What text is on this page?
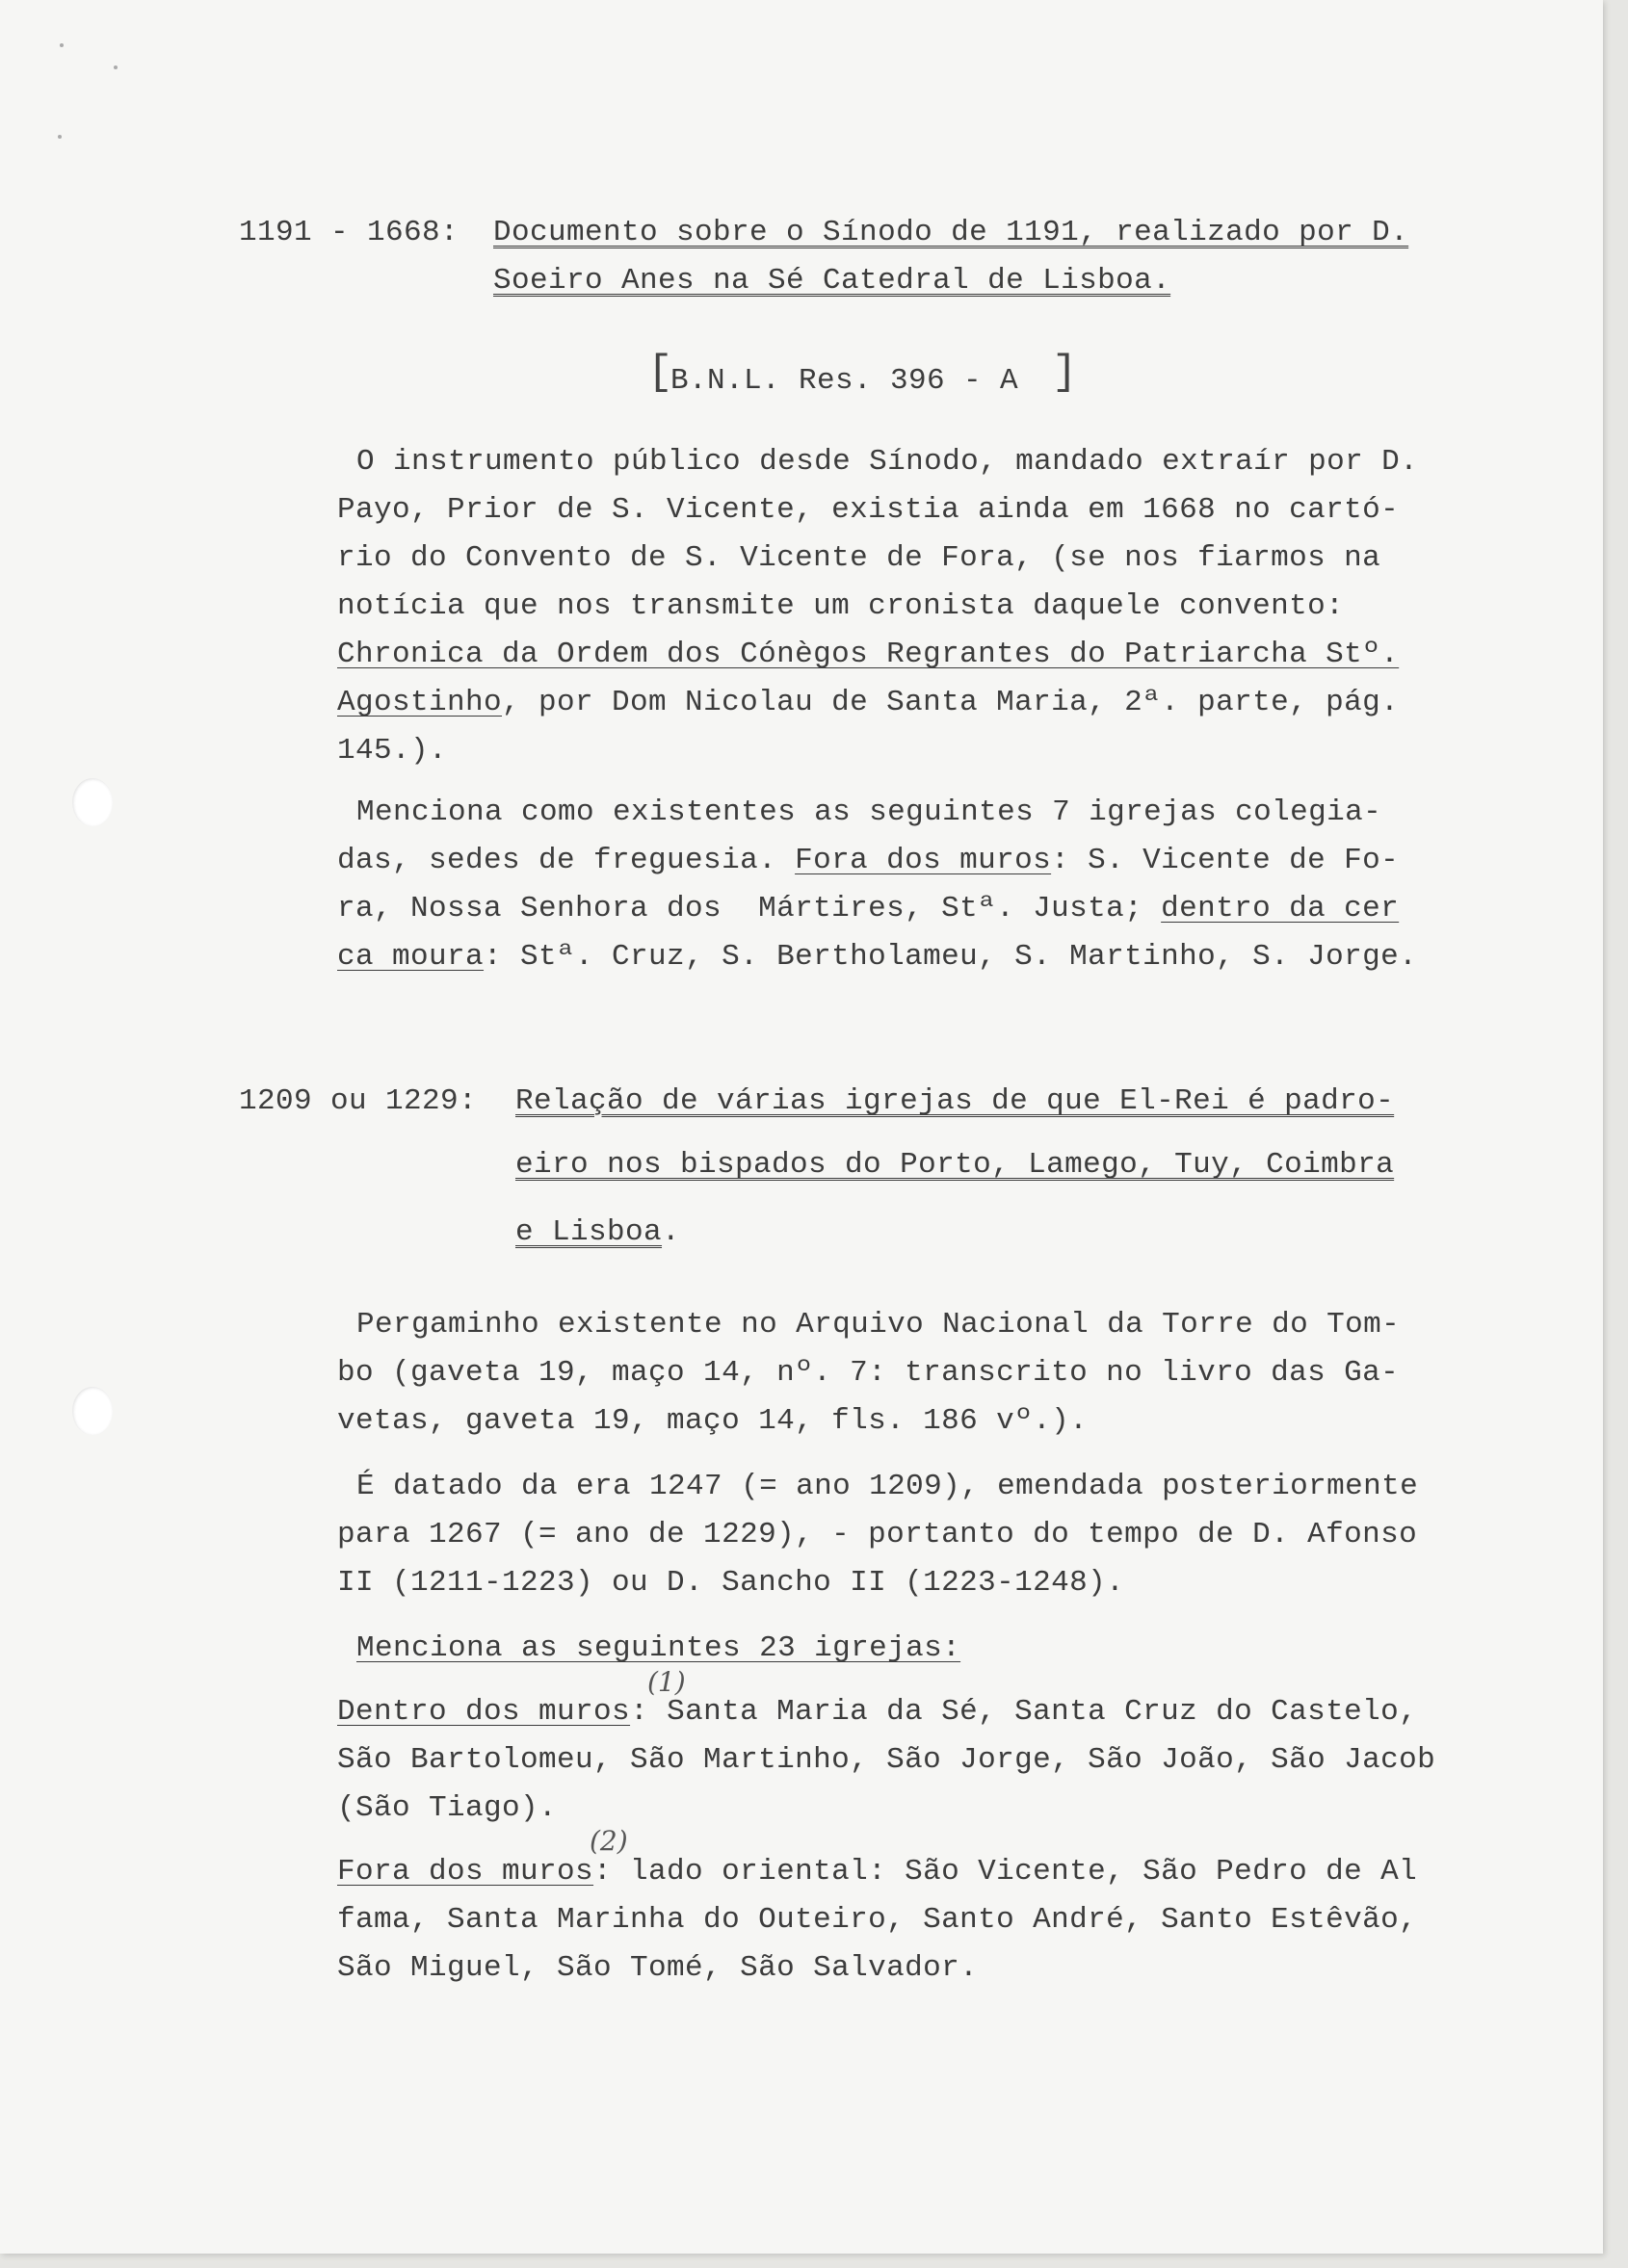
1191 - 1668: Documento sobre o Sínodo de 1191, realizado por D.
Soeiro Anes na Sé Catedral de Lisboa.
[
B.N.L. Res. 396 - A ]
O instrumento público desde Sínodo, mandado extraír por D.
Payo, Prior de S. Vicente, existia ainda em 1668 no cartó-
rio do Convento de S. Vicente de Fora, (se nos fiarmos na
notícia que nos transmite um cronista daquele convento:
Chronica da Ordem dos Cónègos Regrantes do Patriarcha Stº.
Agostinho, por Dom Nicolau de Santa Maria, 2ª. parte, pág.
145.).
Menciona como existentes as seguintes 7 igrejas colegia-
das, sedes de freguesia. Fora dos muros: S. Vicente de Fo-
ra, Nossa Senhora dos  Mártires, Stª. Justa; dentro da cer
ca moura: Stª. Cruz, S. Bertholameu, S. Martinho, S. Jorge.
1209 ou 1229: Relação de várias igrejas de que El-Rei é padro-
eiro nos bispados do Porto, Lamego, Tuy, Coimbra
e Lisboa.
Pergaminho existente no Arquivo Nacional da Torre do Tom-
bo (gaveta 19, maço 14, nº. 7: transcrito no livro das Ga-
vetas, gaveta 19, maço 14, fls. 186 vº.).
É datado da era 1247 (= ano 1209), emendada posteriormente
para 1267 (= ano de 1229), - portanto do tempo de D. Afonso
II (1211-1223) ou D. Sancho II (1223-1248).
Menciona as seguintes 23 igrejas:
(1)
Dentro dos muros: Santa Maria da Sé, Santa Cruz do Castelo,
São Bartolomeu, São Martinho, São Jorge, São João, São Jacob
(São Tiago).
(2)
Fora dos muros: lado oriental: São Vicente, São Pedro de Al
fama, Santa Marinha do Outeiro, Santo André, Santo Estêvão,
São Miguel, São Tomé, São Salvador.
